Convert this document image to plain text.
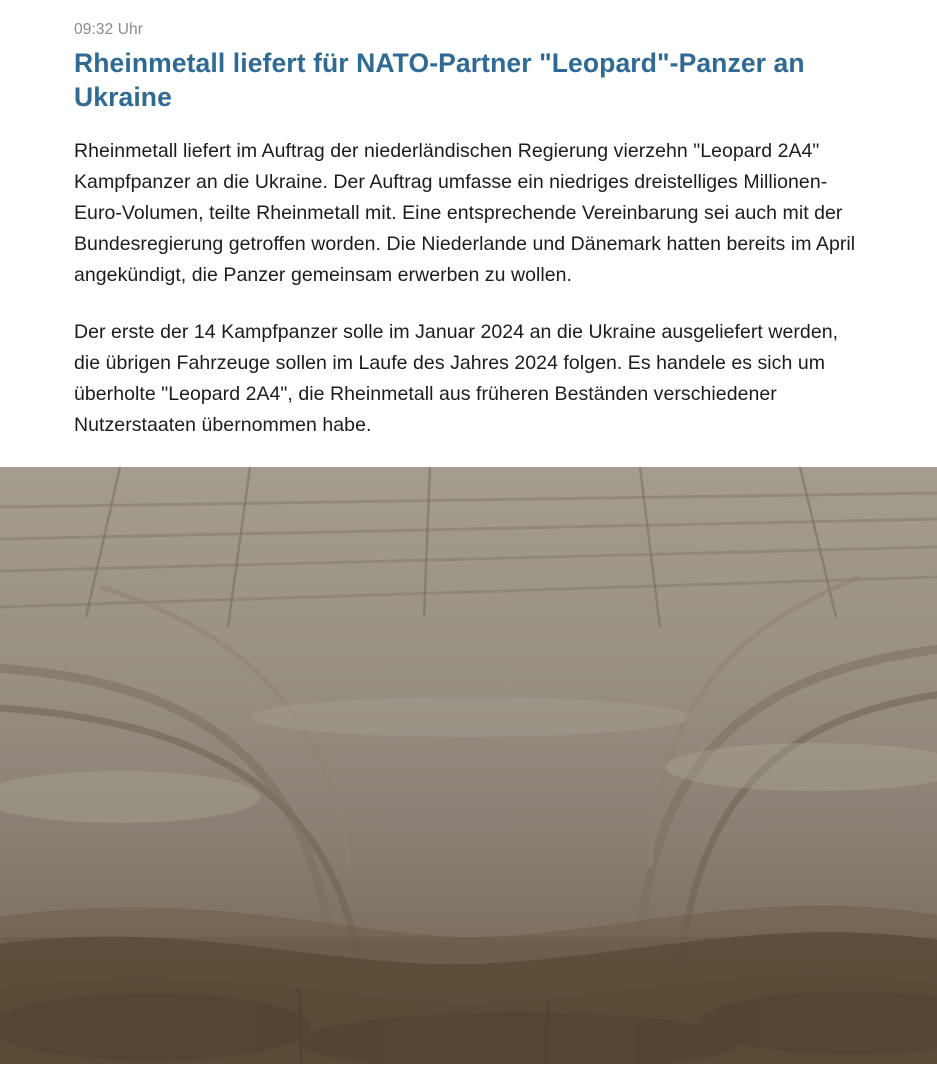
09:32 Uhr
Rheinmetall liefert für NATO-Partner "Leopard"-Panzer an Ukraine

Rheinmetall liefert im Auftrag der niederländischen Regierung vierzehn "Leopard 2A4" Kampfpanzer an die Ukraine. Der Auftrag umfasse ein niedriges dreistelliges Millionen-Euro-Volumen, teilte Rheinmetall mit. Eine entsprechende Vereinbarung sei auch mit der Bundesregierung getroffen worden. Die Niederlande und Dänemark hatten bereits im April angekündigt, die Panzer gemeinsam erwerben zu wollen.

Der erste der 14 Kampfpanzer solle im Januar 2024 an die Ukraine ausgeliefert werden, die übrigen Fahrzeuge sollen im Laufe des Jahres 2024 folgen. Es handele es sich um überholte "Leopard 2A4", die Rheinmetall aus früheren Beständen verschiedener Nutzerstaaten übernommen habe.
